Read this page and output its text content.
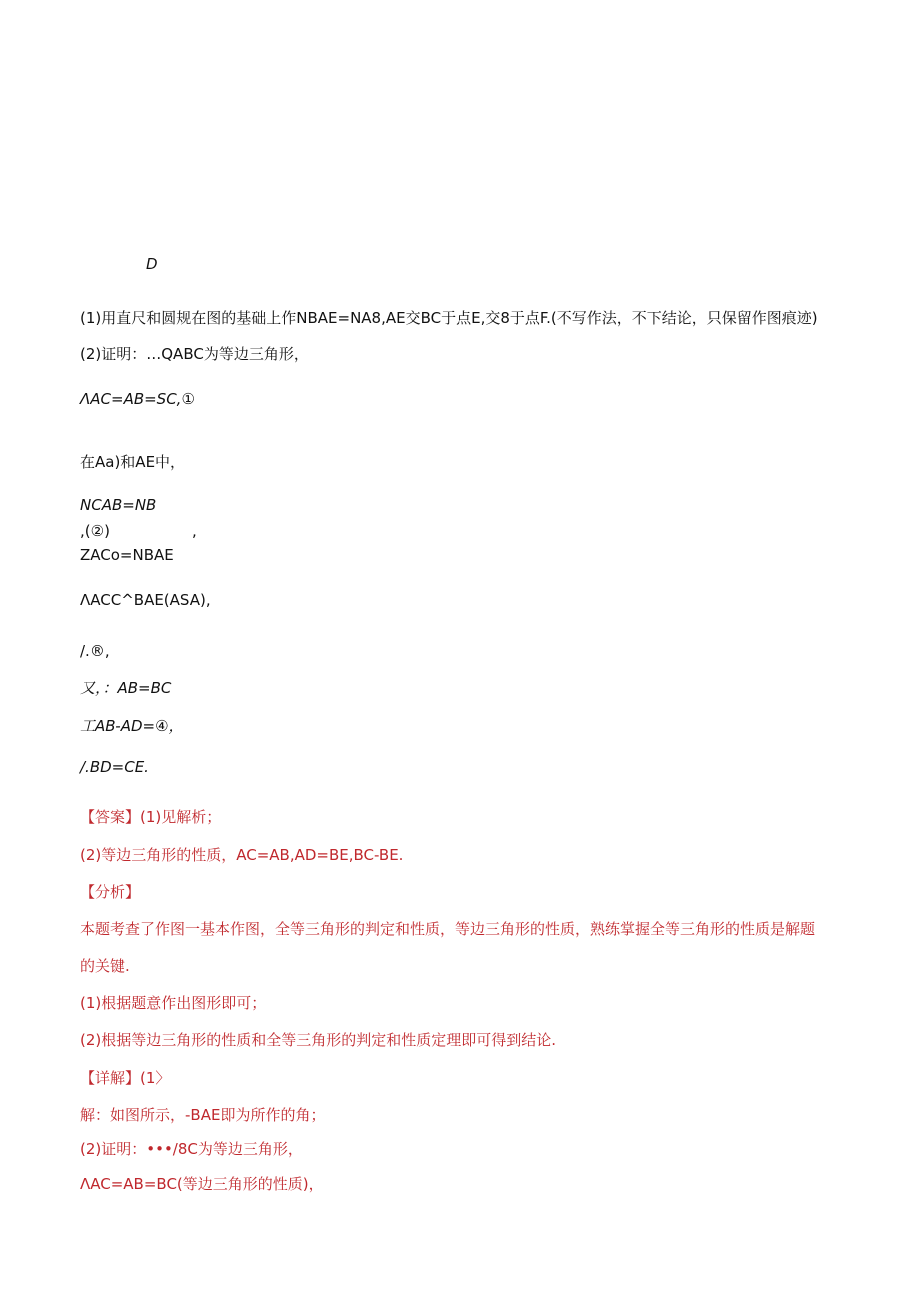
D
(1)用直尺和圆规在图的基础上作NBAE=NA8,AE交BC于点E,交8于点F.(不写作法，不下结论，只保留作图痕迹)
(2)证明：…QABC为等边三角形，
ΛAC=AB=SC,①
在Aa)和AE中，
NCAB=NB
,(②)	,
ZACo=NBAE
ΛACC^BAE(ASA),
/.®,
又，：AB=BC
工AB-AD=④，
/.BD=CE.
【答案】(1)见解析；
(2)等边三角形的性质，AC=AB,AD=BE,BC-BE.
【分析】
本题考查了作图一基本作图，全等三角形的判定和性质，等边三角形的性质，熟练掌握全等三角形的性质是解题
的关键.
(1)根据题意作出图形即可；
(2)根据等边三角形的性质和全等三角形的判定和性质定理即可得到结论.
【详解】(1〉
解：如图所示，-BAE即为所作的角；
(2)证明：•••/8C为等边三角形，
ΛAC=AB=BC(等边三角形的性质)，
